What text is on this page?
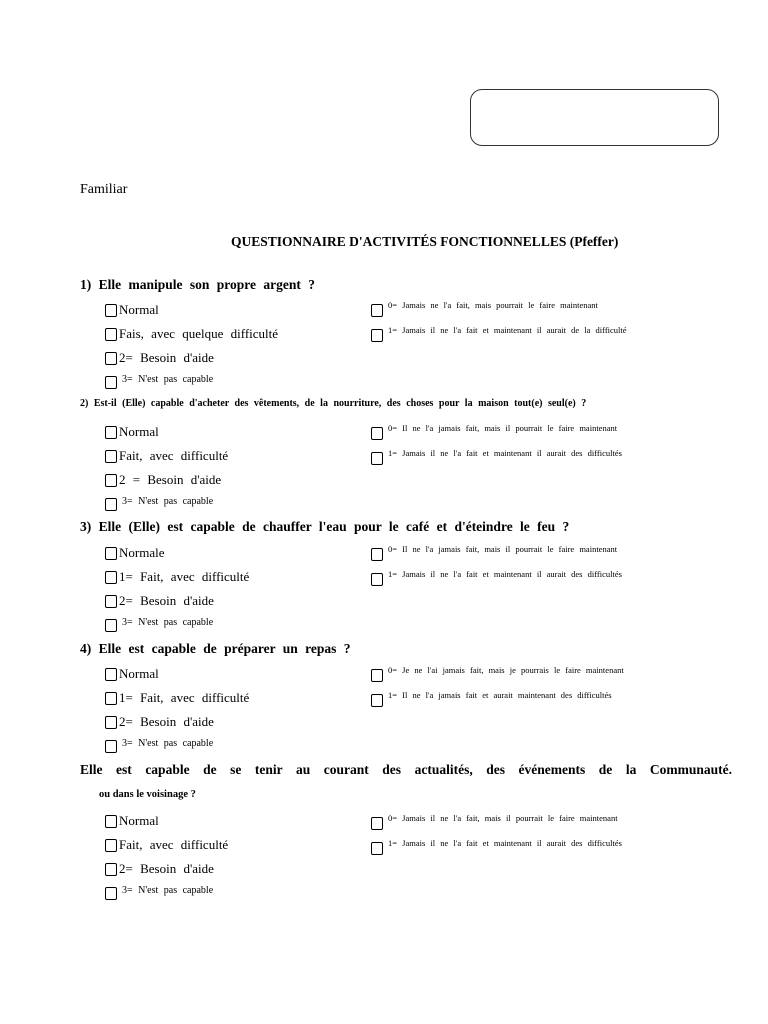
Familiar
QUESTIONNAIRE D'ACTIVITÉS FONCTIONNELLES (Pfeffer)
1) Elle manipule son propre argent ?
Normal
Fais, avec quelque difficulté
2= Besoin d'aide
3= N'est pas capable
0= Jamais ne l'a fait, mais pourrait le faire maintenant
1= Jamais il ne l'a fait et maintenant il aurait de la difficulté
2) Est-il (Elle) capable d'acheter des vêtements, de la nourriture, des choses pour la maison tout(e) seul(e) ?
Normal
Fait, avec difficulté
2 = Besoin d'aide
3= N'est pas capable
0= Il ne l'a jamais fait, mais il pourrait le faire maintenant
1= Jamais il ne l'a fait et maintenant il aurait des difficultés
3) Elle (Elle) est capable de chauffer l'eau pour le café et d'éteindre le feu ?
Normale
1= Fait, avec difficulté
2= Besoin d'aide
3= N'est pas capable
0= Il ne l'a jamais fait, mais il pourrait le faire maintenant
1= Jamais il ne l'a fait et maintenant il aurait des difficultés
4) Elle est capable de préparer un repas ?
Normal
1= Fait, avec difficulté
2= Besoin d'aide
3= N'est pas capable
0= Je ne l'ai jamais fait, mais je pourrais le faire maintenant
1= Il ne l'a jamais fait et aurait maintenant des difficultés
Elle est capable de se tenir au courant des actualités, des événements de la Communauté.
ou dans le voisinage ?
Normal
Fait, avec difficulté
2= Besoin d'aide
3= N'est pas capable
0= Jamais il ne l'a fait, mais il pourrait le faire maintenant
1= Jamais il ne l'a fait et maintenant il aurait des difficultés
